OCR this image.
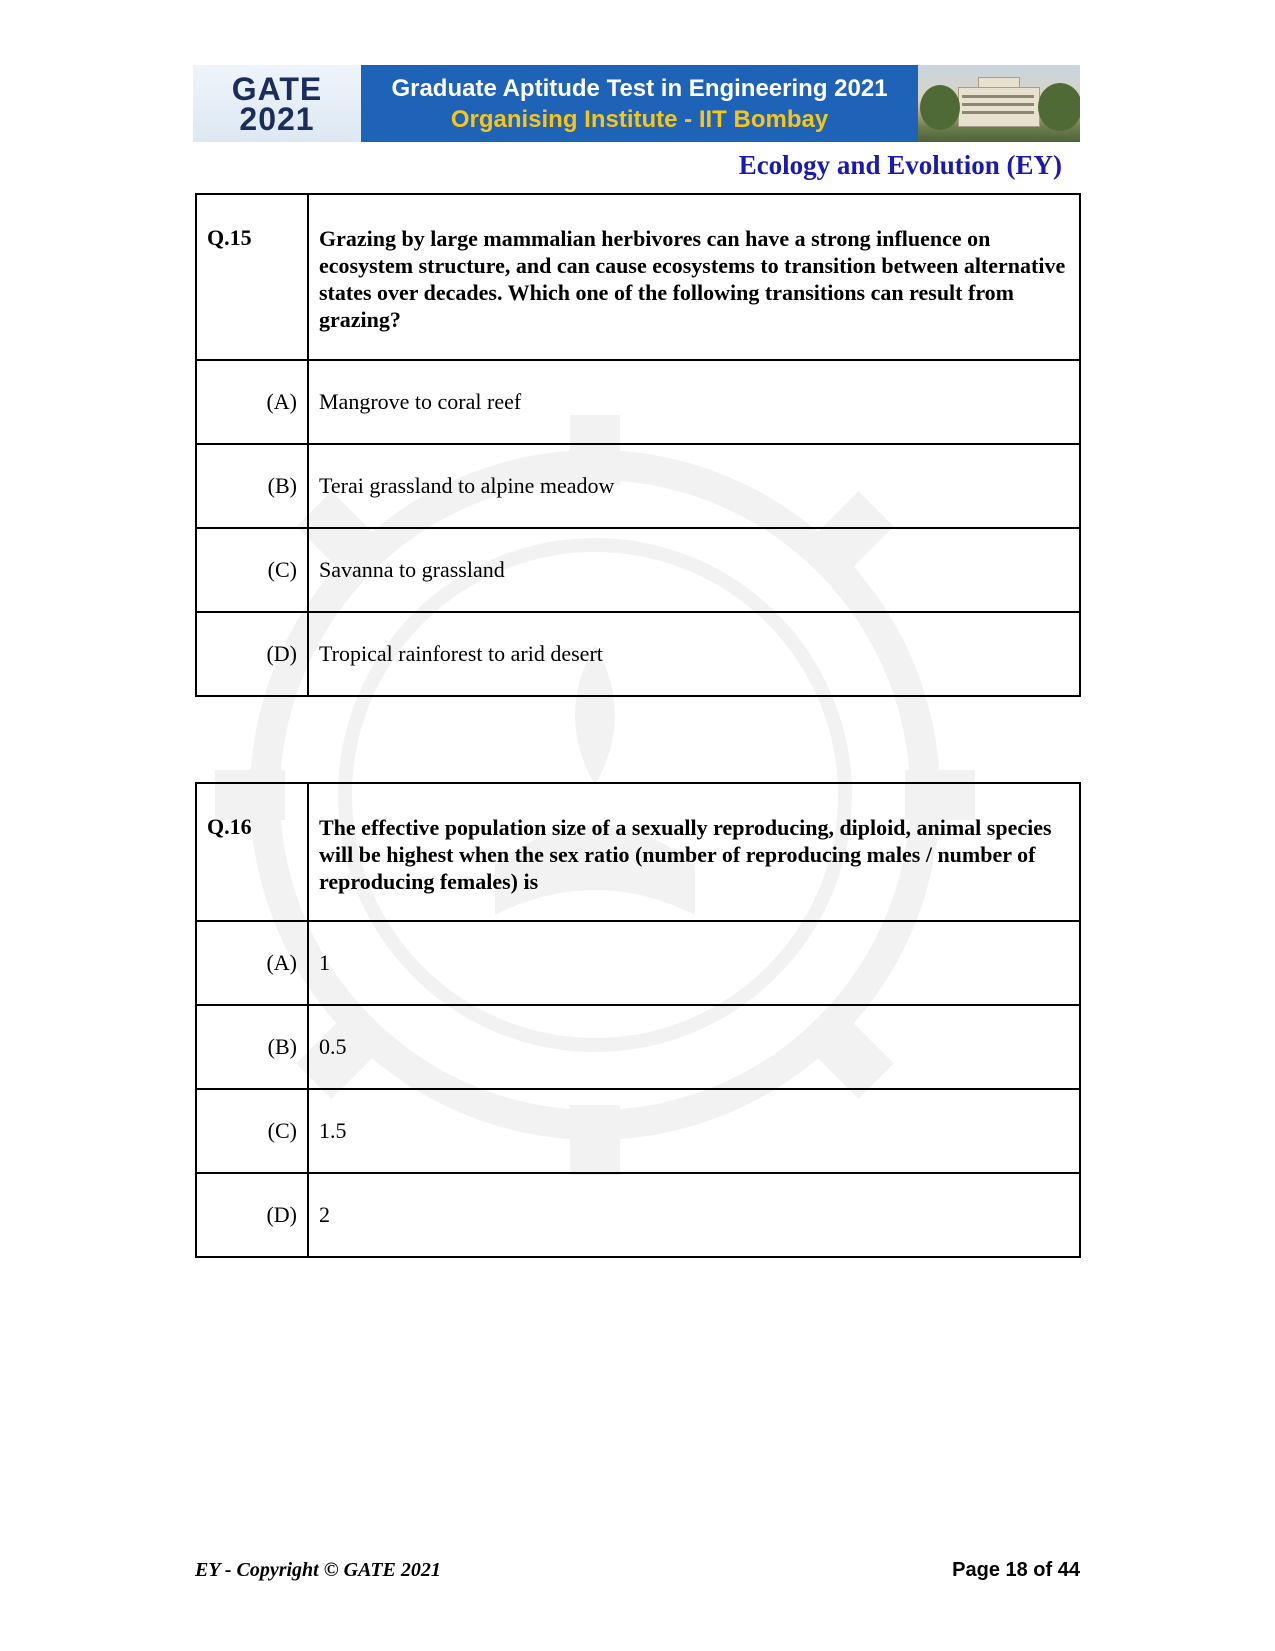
GATE
2021
Graduate Aptitude Test in Engineering 2021
Organising Institute - IIT Bombay
Ecology and Evolution (EY)
Q.15	Grazing by large mammalian herbivores can have a strong influence on ecosystem structure, and can cause ecosystems to transition between alternative states over decades. Which one of the following transitions can result from grazing?
(A)	Mangrove to coral reef
(B)	Terai grassland to alpine meadow
(C)	Savanna to grassland
(D)	Tropical rainforest to arid desert
Q.16	The effective population size of a sexually reproducing, diploid, animal species will be highest when the sex ratio (number of reproducing males / number of reproducing females) is
(A)	1
(B)	0.5
(C)	1.5
(D)	2
EY - Copyright © GATE 2021	Page 18 of 44
